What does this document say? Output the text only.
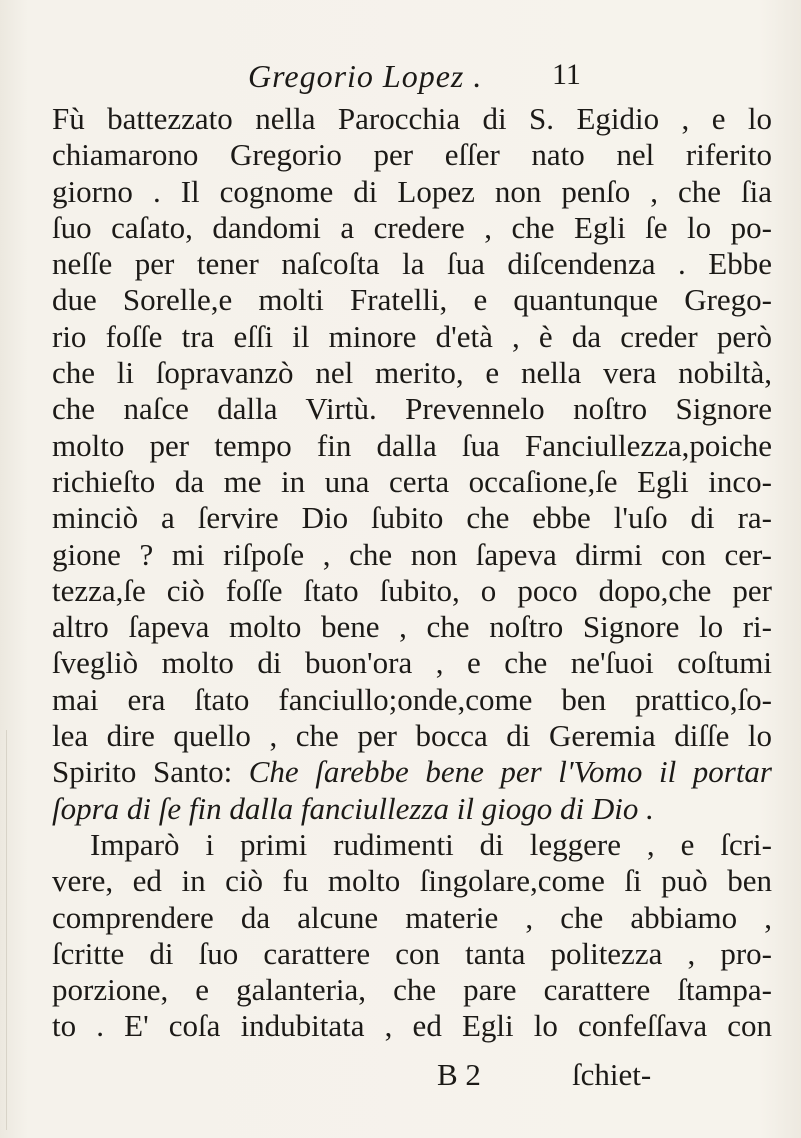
Gregorio Lopez . 11
Fù battezzato nella Parocchia di S. Egidio , e lo
chiamarono Gregorio per eſſer nato nel riferito
giorno . Il cognome di Lopez non penſo , che ſia
ſuo caſato, dandomi a credere , che Egli ſe lo po-
neſſe per tener naſcoſta la ſua diſcendenza . Ebbe
due Sorelle,e molti Fratelli, e quantunque Grego-
rio foſſe tra eſſi il minore d'età , è da creder però
che li ſopravanzò nel merito, e nella vera nobiltà,
che naſce dalla Virtù. Prevennelo noſtro Signore
molto per tempo fin dalla ſua Fanciullezza,poiche
richieſto da me in una certa occaſione,ſe Egli inco-
minciò a ſervire Dio ſubito che ebbe l'uſo di ra-
gione ? mi riſpoſe , che non ſapeva dirmi con cer-
tezza,ſe ciò foſſe ſtato ſubito, o poco dopo,che per
altro ſapeva molto bene , che noſtro Signore lo ri-
ſvegliò molto di buon'ora , e che ne'ſuoi coſtumi
mai era ſtato fanciullo;onde,come ben prattico,ſo-
lea dire quello , che per bocca di Geremia diſſe lo
Spirito Santo: Che ſarebbe bene per l'Vomo il portar
ſopra di ſe fin dalla fanciullezza il giogo di Dio .
Imparò i primi rudimenti di leggere , e ſcri-
vere, ed in ciò fu molto ſingolare,come ſi può ben
comprendere da alcune materie , che abbiamo ,
ſcritte di ſuo carattere con tanta politezza , pro-
porzione, e galanteria, che pare carattere ſtampa-
to . E' coſa indubitata , ed Egli lo confeſſava con
B 2	ſchiet-
